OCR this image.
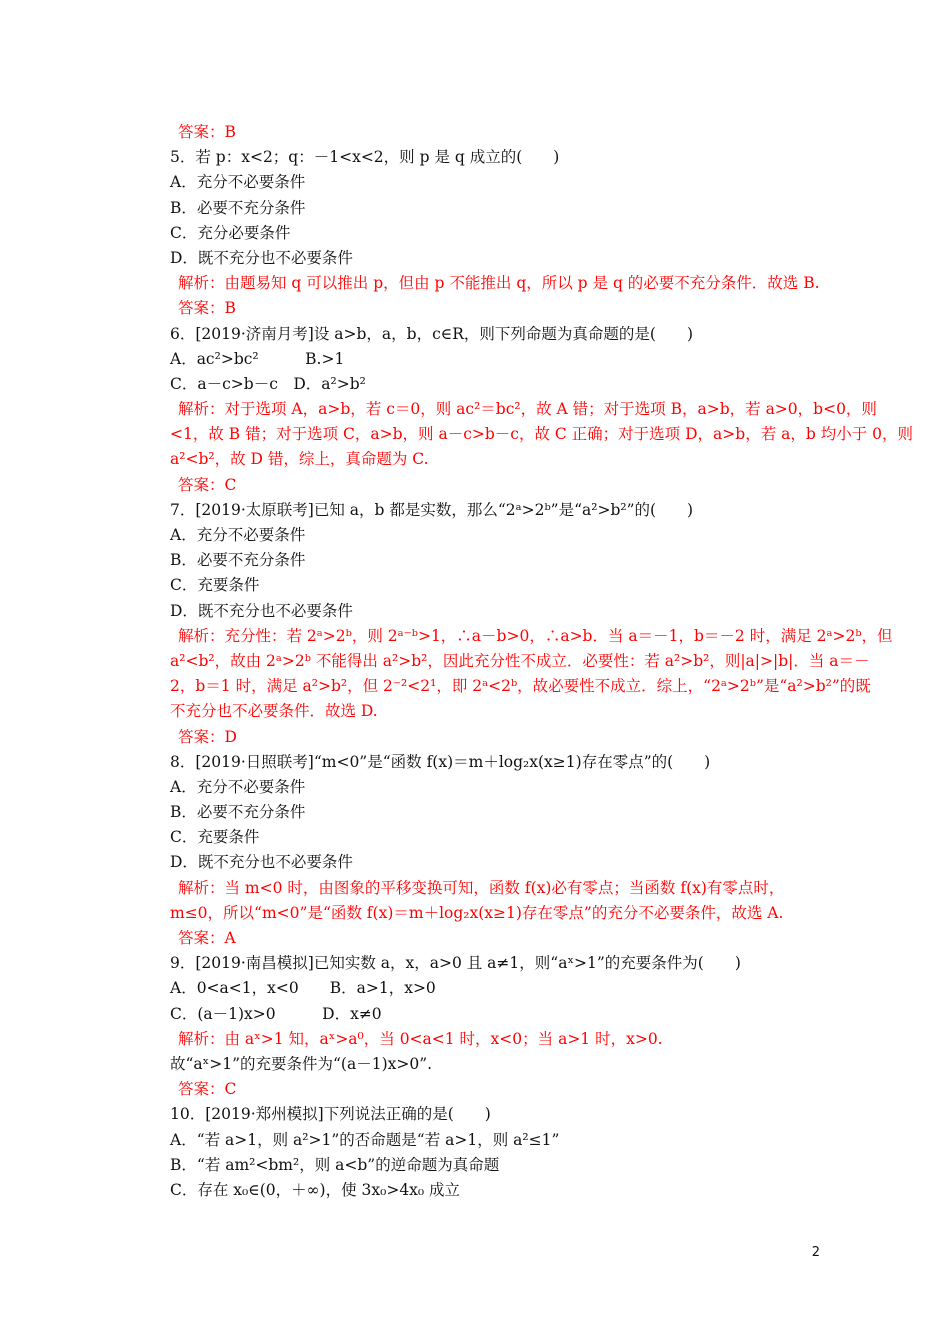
答案：B
5．若 p：x<2；q：－1<x<2，则 p 是 q 成立的(　　)
A．充分不必要条件
B．必要不充分条件
C．充分必要条件
D．既不充分也不必要条件
解析：由题易知 q 可以推出 p，但由 p 不能推出 q，所以 p 是 q 的必要不充分条件．故选 B.
答案：B
6．[2019·济南月考]设 a>b，a，b，c∈R，则下列命题为真命题的是(　　)
A．ac²>bc²　　　B.>1
C．a－c>b－c　D．a²>b²
解析：对于选项 A，a>b，若 c＝0，则 ac²＝bc²，故 A 错；对于选项 B，a>b，若 a>0，b<0，则
<1，故 B 错；对于选项 C，a>b，则 a－c>b－c，故 C 正确；对于选项 D，a>b，若 a，b 均小于 0，则
a²<b²，故 D 错，综上，真命题为 C.
答案：C
7．[2019·太原联考]已知 a，b 都是实数，那么“2ᵃ>2ᵇ”是“a²>b²”的(　　)
A．充分不必要条件
B．必要不充分条件
C．充要条件
D．既不充分也不必要条件
解析：充分性：若 2ᵃ>2ᵇ，则 2ᵃ⁻ᵇ>1，∴a－b>0，∴a>b．当 a＝－1，b＝－2 时，满足 2ᵃ>2ᵇ，但
a²<b²，故由 2ᵃ>2ᵇ 不能得出 a²>b²，因此充分性不成立．必要性：若 a²>b²，则|a|>|b|．当 a＝－
2，b＝1 时，满足 a²>b²，但 2⁻²<2¹，即 2ᵃ<2ᵇ，故必要性不成立．综上，“2ᵃ>2ᵇ”是“a²>b²”的既
不充分也不必要条件．故选 D.
答案：D
8．[2019·日照联考]“m<0”是“函数 f(x)＝m＋log₂x(x≥1)存在零点”的(　　)
A．充分不必要条件
B．必要不充分条件
C．充要条件
D．既不充分也不必要条件
解析：当 m<0 时，由图象的平移变换可知，函数 f(x)必有零点；当函数 f(x)有零点时，
m≤0，所以“m<0”是“函数 f(x)＝m＋log₂x(x≥1)存在零点”的充分不必要条件，故选 A.
答案：A
9．[2019·南昌模拟]已知实数 a，x，a>0 且 a≠1，则“aˣ>1”的充要条件为(　　)
A．0<a<1，x<0　　B．a>1，x>0
C．(a－1)x>0　　　D．x≠0
解析：由 aˣ>1 知，aˣ>a⁰，当 0<a<1 时，x<0；当 a>1 时，x>0.
故“aˣ>1”的充要条件为“(a－1)x>0”.
答案：C
10．[2019·郑州模拟]下列说法正确的是(　　)
A．“若 a>1，则 a²>1”的否命题是“若 a>1，则 a²≤1”
B．“若 am²<bm²，则 a<b”的逆命题为真命题
C．存在 x₀∈(0，＋∞)，使 3x₀>4x₀ 成立
2
